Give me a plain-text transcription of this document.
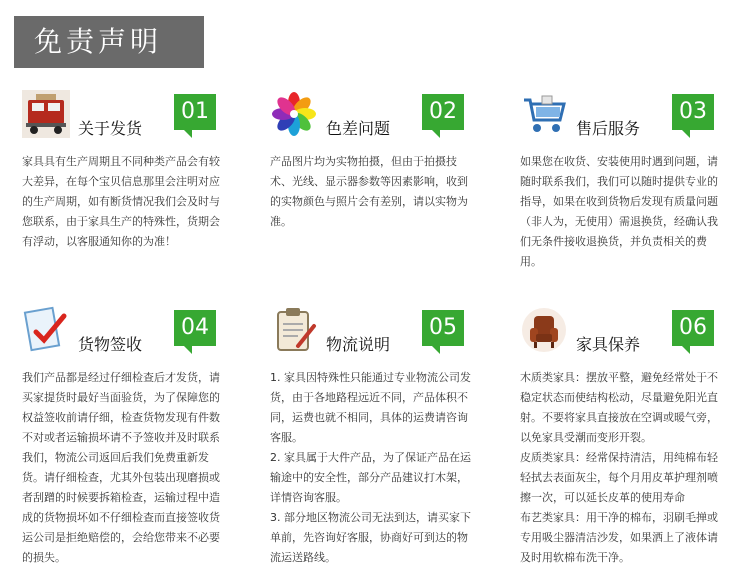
免责声明
关于发货
01

家具具有生产周期且不同种类产品会有较大差异，在每个宝贝信息那里会注明对应的生产周期，如有断货情况我们会及时与您联系，由于家具生产的特殊性，货期会有浮动，以客服通知你的为准！

色差问题
02

产品图片均为实物拍摄，但由于拍摄技术、光线、显示器参数等因素影响，收到的实物颜色与照片会有差别，请以实物为准。

售后服务
03

如果您在收货、安装使用时遇到问题，请随时联系我们，我们可以随时提供专业的指导，如果在收到货物后发现有质量问题（非人为，无使用）需退换货，经确认我们无条件接收退换货，并负责相关的费用。

货物签收
04

我们产品都是经过仔细检查后才发货，请买家提货时最好当面验货，为了保障您的权益签收前请仔细，检查货物发现有件数不对或者运输损坏请不予签收并及时联系我们，物流公司返回后我们免费重新发货。请仔细检查，尤其外包装出现磨损或者刮蹭的时候要拆箱检查，运输过程中造成的货物损坏如不仔细检查而直接签收货运公司是拒绝赔偿的，会给您带来不必要的损失。

物流说明
05

1. 家具因特殊性只能通过专业物流公司发货，由于各地路程远近不同，产品体积不同，运费也就不相同，具体的运费请咨询客服。

2. 家具属于大件产品，为了保证产品在运输途中的安全性，部分产品建议打木架，详情咨询客服。

3. 部分地区物流公司无法到达，请买家下单前，先咨询好客服，协商好可到达的物流运送路线。

家具保养
06

木质类家具：摆放平整，避免经常处于不稳定状态而使结构松动，尽量避免阳光直射。不要将家具直接放在空调或暖气旁，以免家具受潮而变形开裂。

皮质类家具：经常保持清洁，用纯棉布轻轻拭去表面灰尘，每个月用皮革护理剂喷擦一次，可以延长皮革的使用寿命

布艺类家具：用干净的棉布，羽刷毛掸或专用吸尘器清洁沙发，如果洒上了液体请及时用软棉布洗干净。
